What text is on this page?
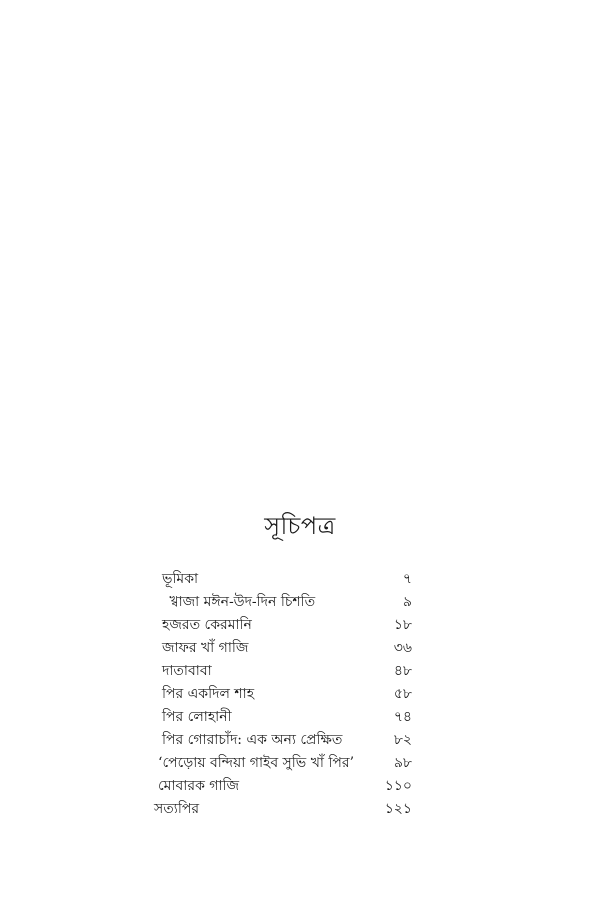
সূচিপত্র
ভূমিকা	৭
খ্বাজা মঈন-উদ-দিন চিশতি	৯
হজরত কেরমানি	১৮
জাফর খাঁ গাজি	৩৬
দাতাবাবা	৪৮
পির একদিল শাহ	৫৮
পির লোহানী	৭৪
পির গোরাচাঁদ: এক অন্য প্রেক্ষিত	৮২
‘পেড়োয় বন্দিয়া গাইব সুভি খাঁ পির’	৯৮
মোবারক গাজি	১১০
সত্যপির	১২১
